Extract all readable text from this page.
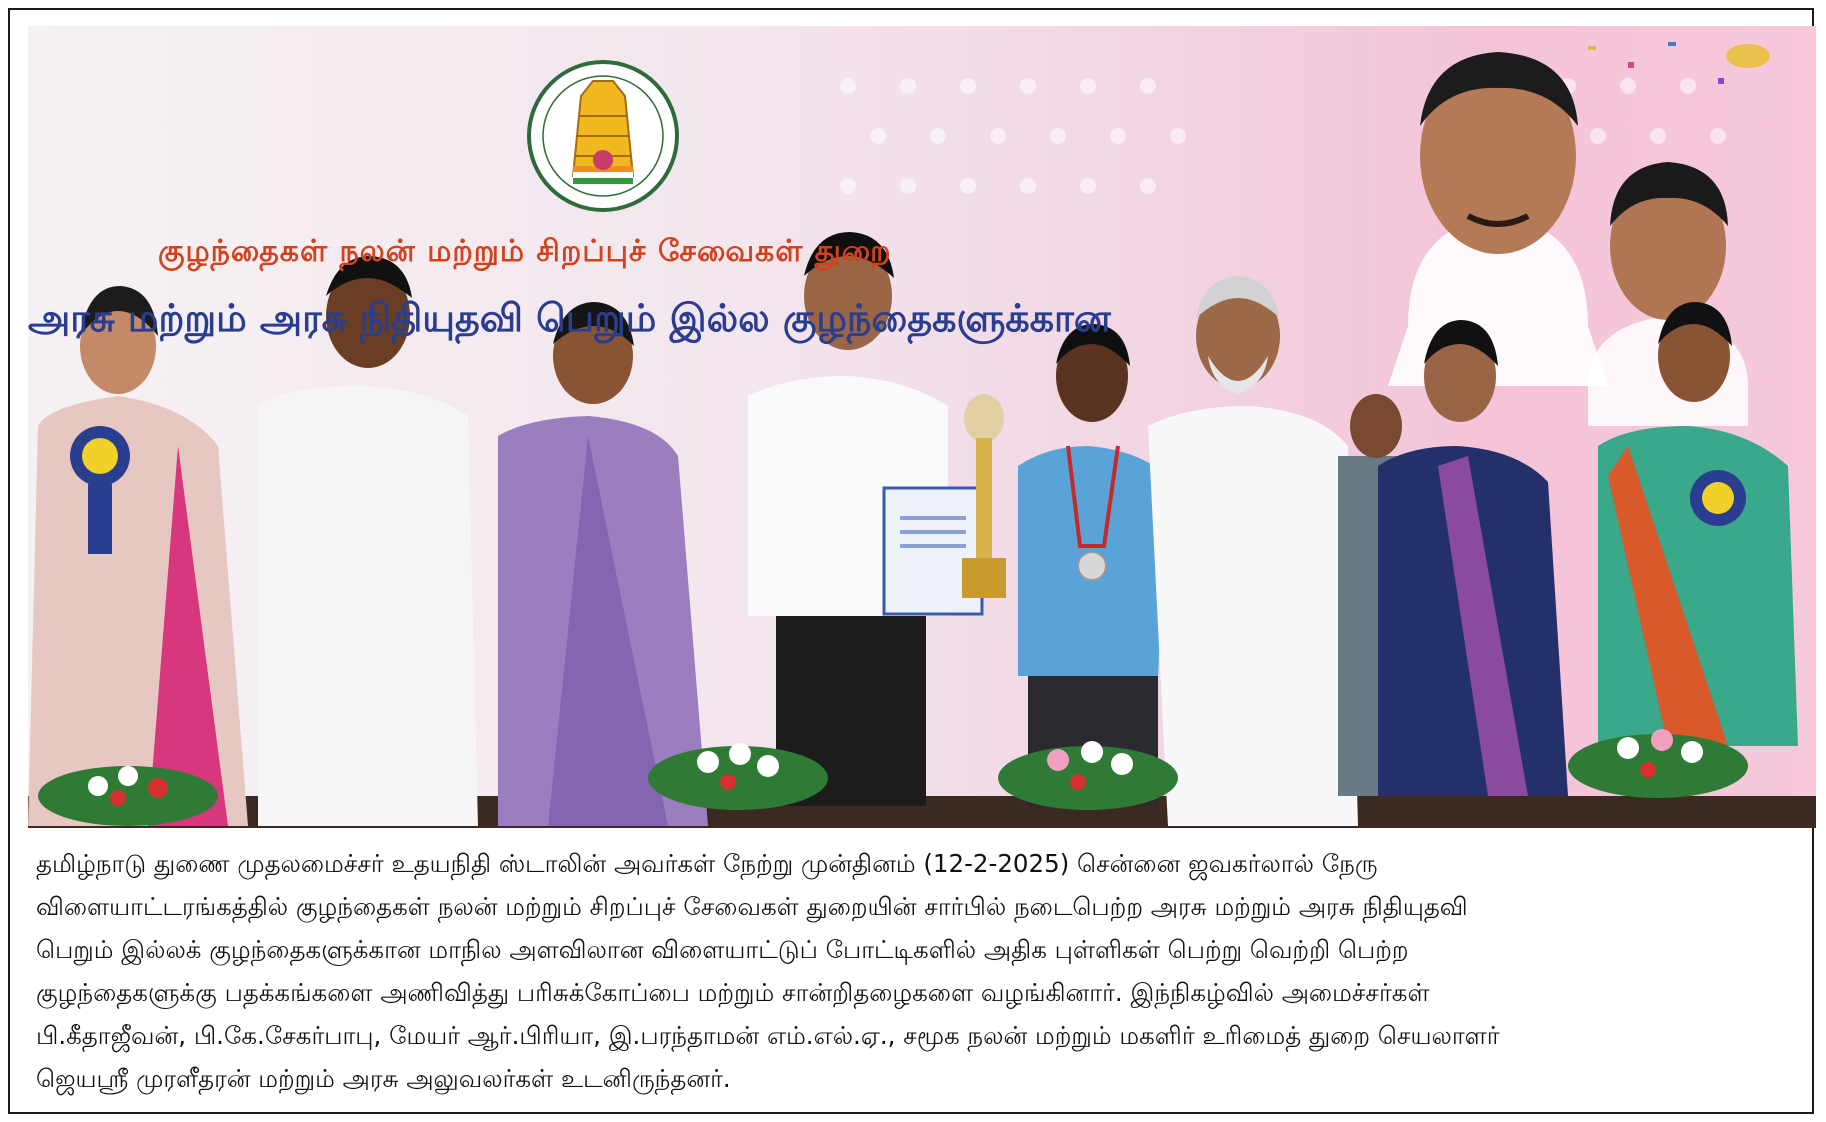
குழந்தைகள் நலன் மற்றும் சிறப்புச் சேவைகள் துறை
அரசு மற்றும் அரசு நிதியுதவி பெறும் இல்ல குழந்தைகளுக்கான
தமிழ்நாடு துணை முதலமைச்சர் உதயநிதி ஸ்டாலின் அவர்கள் நேற்று முன்தினம் (12-2-2025) சென்னை ஜவகர்லால் நேரு
விளையாட்டரங்கத்தில் குழந்தைகள் நலன் மற்றும் சிறப்புச் சேவைகள் துறையின் சார்பில் நடைபெற்ற அரசு மற்றும் அரசு நிதியுதவி
பெறும் இல்லக் குழந்தைகளுக்கான மாநில அளவிலான விளையாட்டுப் போட்டிகளில் அதிக புள்ளிகள் பெற்று வெற்றி பெற்ற
குழந்தைகளுக்கு பதக்கங்களை அணிவித்து பரிசுக்கோப்பை மற்றும் சான்றிதழைகளை வழங்கினார். இந்நிகழ்வில் அமைச்சர்கள்
பி.கீதாஜீவன், பி.கே.சேகர்பாபு, மேயர் ஆர்.பிரியா, இ.பரந்தாமன் எம்.எல்.ஏ., சமூக நலன் மற்றும் மகளிர் உரிமைத் துறை செயலாளர்
ஜெயஸ்ரீ முரளீதரன் மற்றும் அரசு அலுவலர்கள் உடனிருந்தனர்.
